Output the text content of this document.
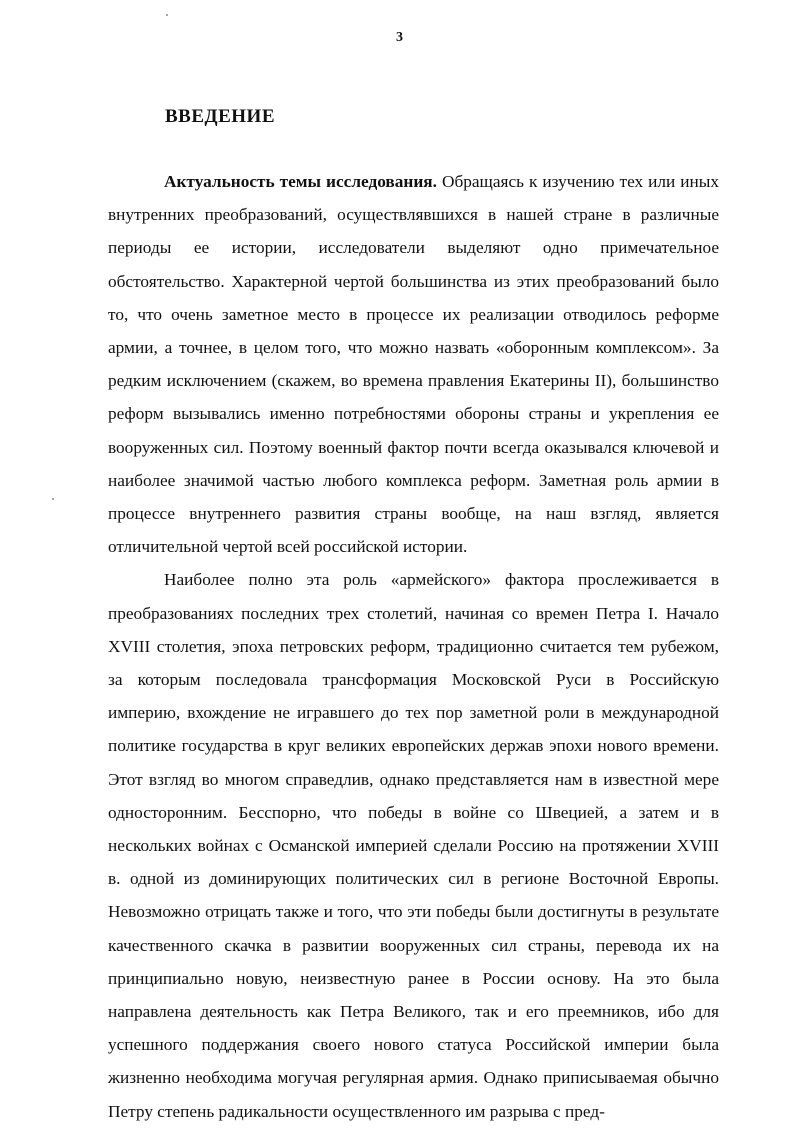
3
ВВЕДЕНИЕ

Актуальность темы исследования. Обращаясь к изучению тех или иных внутренних преобразований, осуществлявшихся в нашей стране в различные периоды ее истории, исследователи выделяют одно примечательное обстоятельство. Характерной чертой большинства из этих преобразований было то, что очень заметное место в процессе их реализации отводилось реформе армии, а точнее, в целом того, что можно назвать «оборонным комплексом». За редким исключением (скажем, во времена правления Екатерины II), большинство реформ вызывались именно потребностями обороны страны и укрепления ее вооруженных сил. Поэтому военный фактор почти всегда оказывался ключевой и наиболее значимой частью любого комплекса реформ. Заметная роль армии в процессе внутреннего развития страны вообще, на наш взгляд, является отличительной чертой всей российской истории.

Наиболее полно эта роль «армейского» фактора прослеживается в преобразованиях последних трех столетий, начиная со времен Петра I. Начало XVIII столетия, эпоха петровских реформ, традиционно считается тем рубежом, за которым последовала трансформация Московской Руси в Российскую империю, вхождение не игравшего до тех пор заметной роли в международной политике государства в круг великих европейских держав эпохи нового времени. Этот взгляд во многом справедлив, однако представляется нам в известной мере односторонним. Бесспорно, что победы в войне со Швецией, а затем и в нескольких войнах с Османской империей сделали Россию на протяжении XVIII в. одной из доминирующих политических сил в регионе Восточной Европы. Невозможно отрицать также и того, что эти победы были достигнуты в результате качественного скачка в развитии вооруженных сил страны, перевода их на принципиально новую, неизвестную ранее в России основу. На это была направлена деятельность как Петра Великого, так и его преемников, ибо для успешного поддержания своего нового статуса Российской империи была жизненно необходима могучая регулярная армия. Однако приписываемая обычно Петру степень радикальности осуществленного им разрыва с пред-
